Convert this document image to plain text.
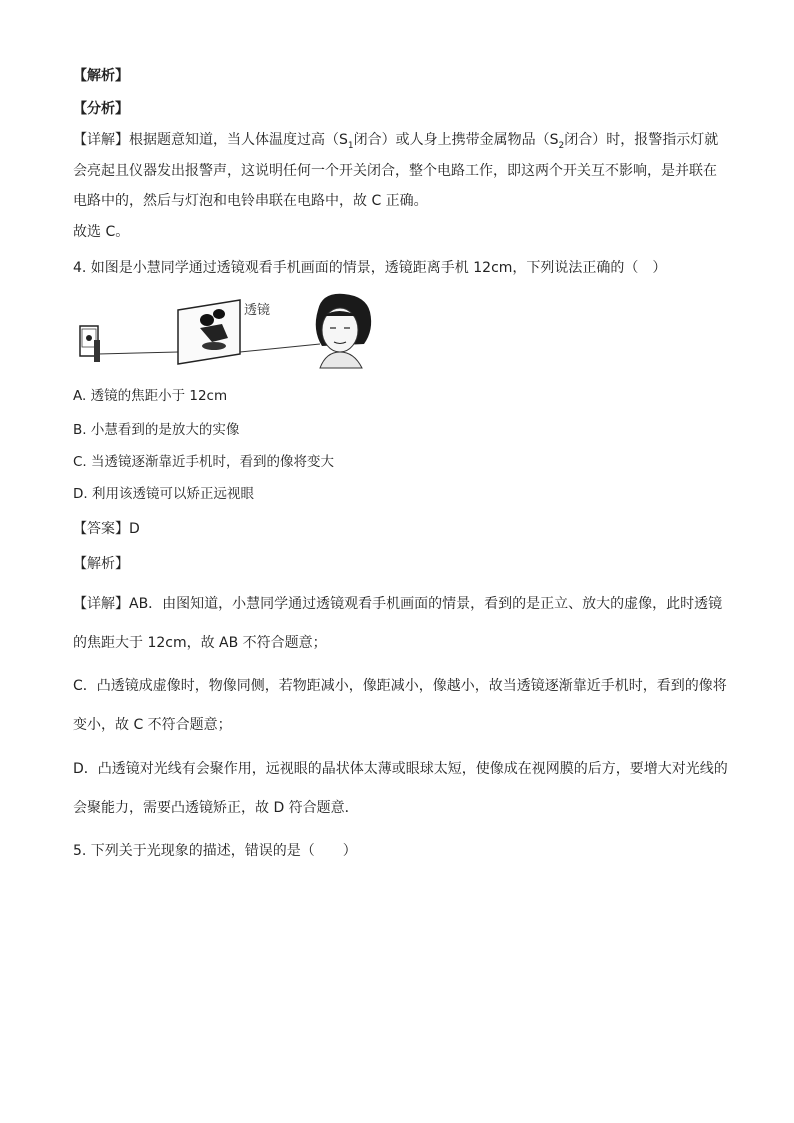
【解析】
【分析】
【详解】根据题意知道，当人体温度过高（$S_1$闭合）或人身上携带金属物品（$S_2$闭合）时，报警指示灯就
会亮起且仪器发出报警声，这说明任何一个开关闭合，整个电路工作，即这两个开关互不影响，是并联在
电路中的，然后与灯泡和电铃串联在电路中，故 C 正确。
故选 C。
4. 如图是小慧同学通过透镜观看手机画面的情景，透镜距离手机 12cm，下列说法正确的（　）
透镜
A. 透镜的焦距小于 12cm
B. 小慧看到的是放大的实像
C. 当透镜逐渐靠近手机时，看到的像将变大
D. 利用该透镜可以矫正远视眼
【答案】D
【解析】
【详解】AB．由图知道，小慧同学通过透镜观看手机画面的情景，看到的是正立、放大的虚像，此时透镜
的焦距大于 12cm，故 AB 不符合题意；
C．凸透镜成虚像时，物像同侧，若物距减小，像距减小，像越小，故当透镜逐渐靠近手机时，看到的像将
变小，故 C 不符合题意；
D．凸透镜对光线有会聚作用，远视眼的晶状体太薄或眼球太短，使像成在视网膜的后方，要增大对光线的
会聚能力，需要凸透镜矫正，故 D 符合题意．
5. 下列关于光现象的描述，错误的是（　　）
